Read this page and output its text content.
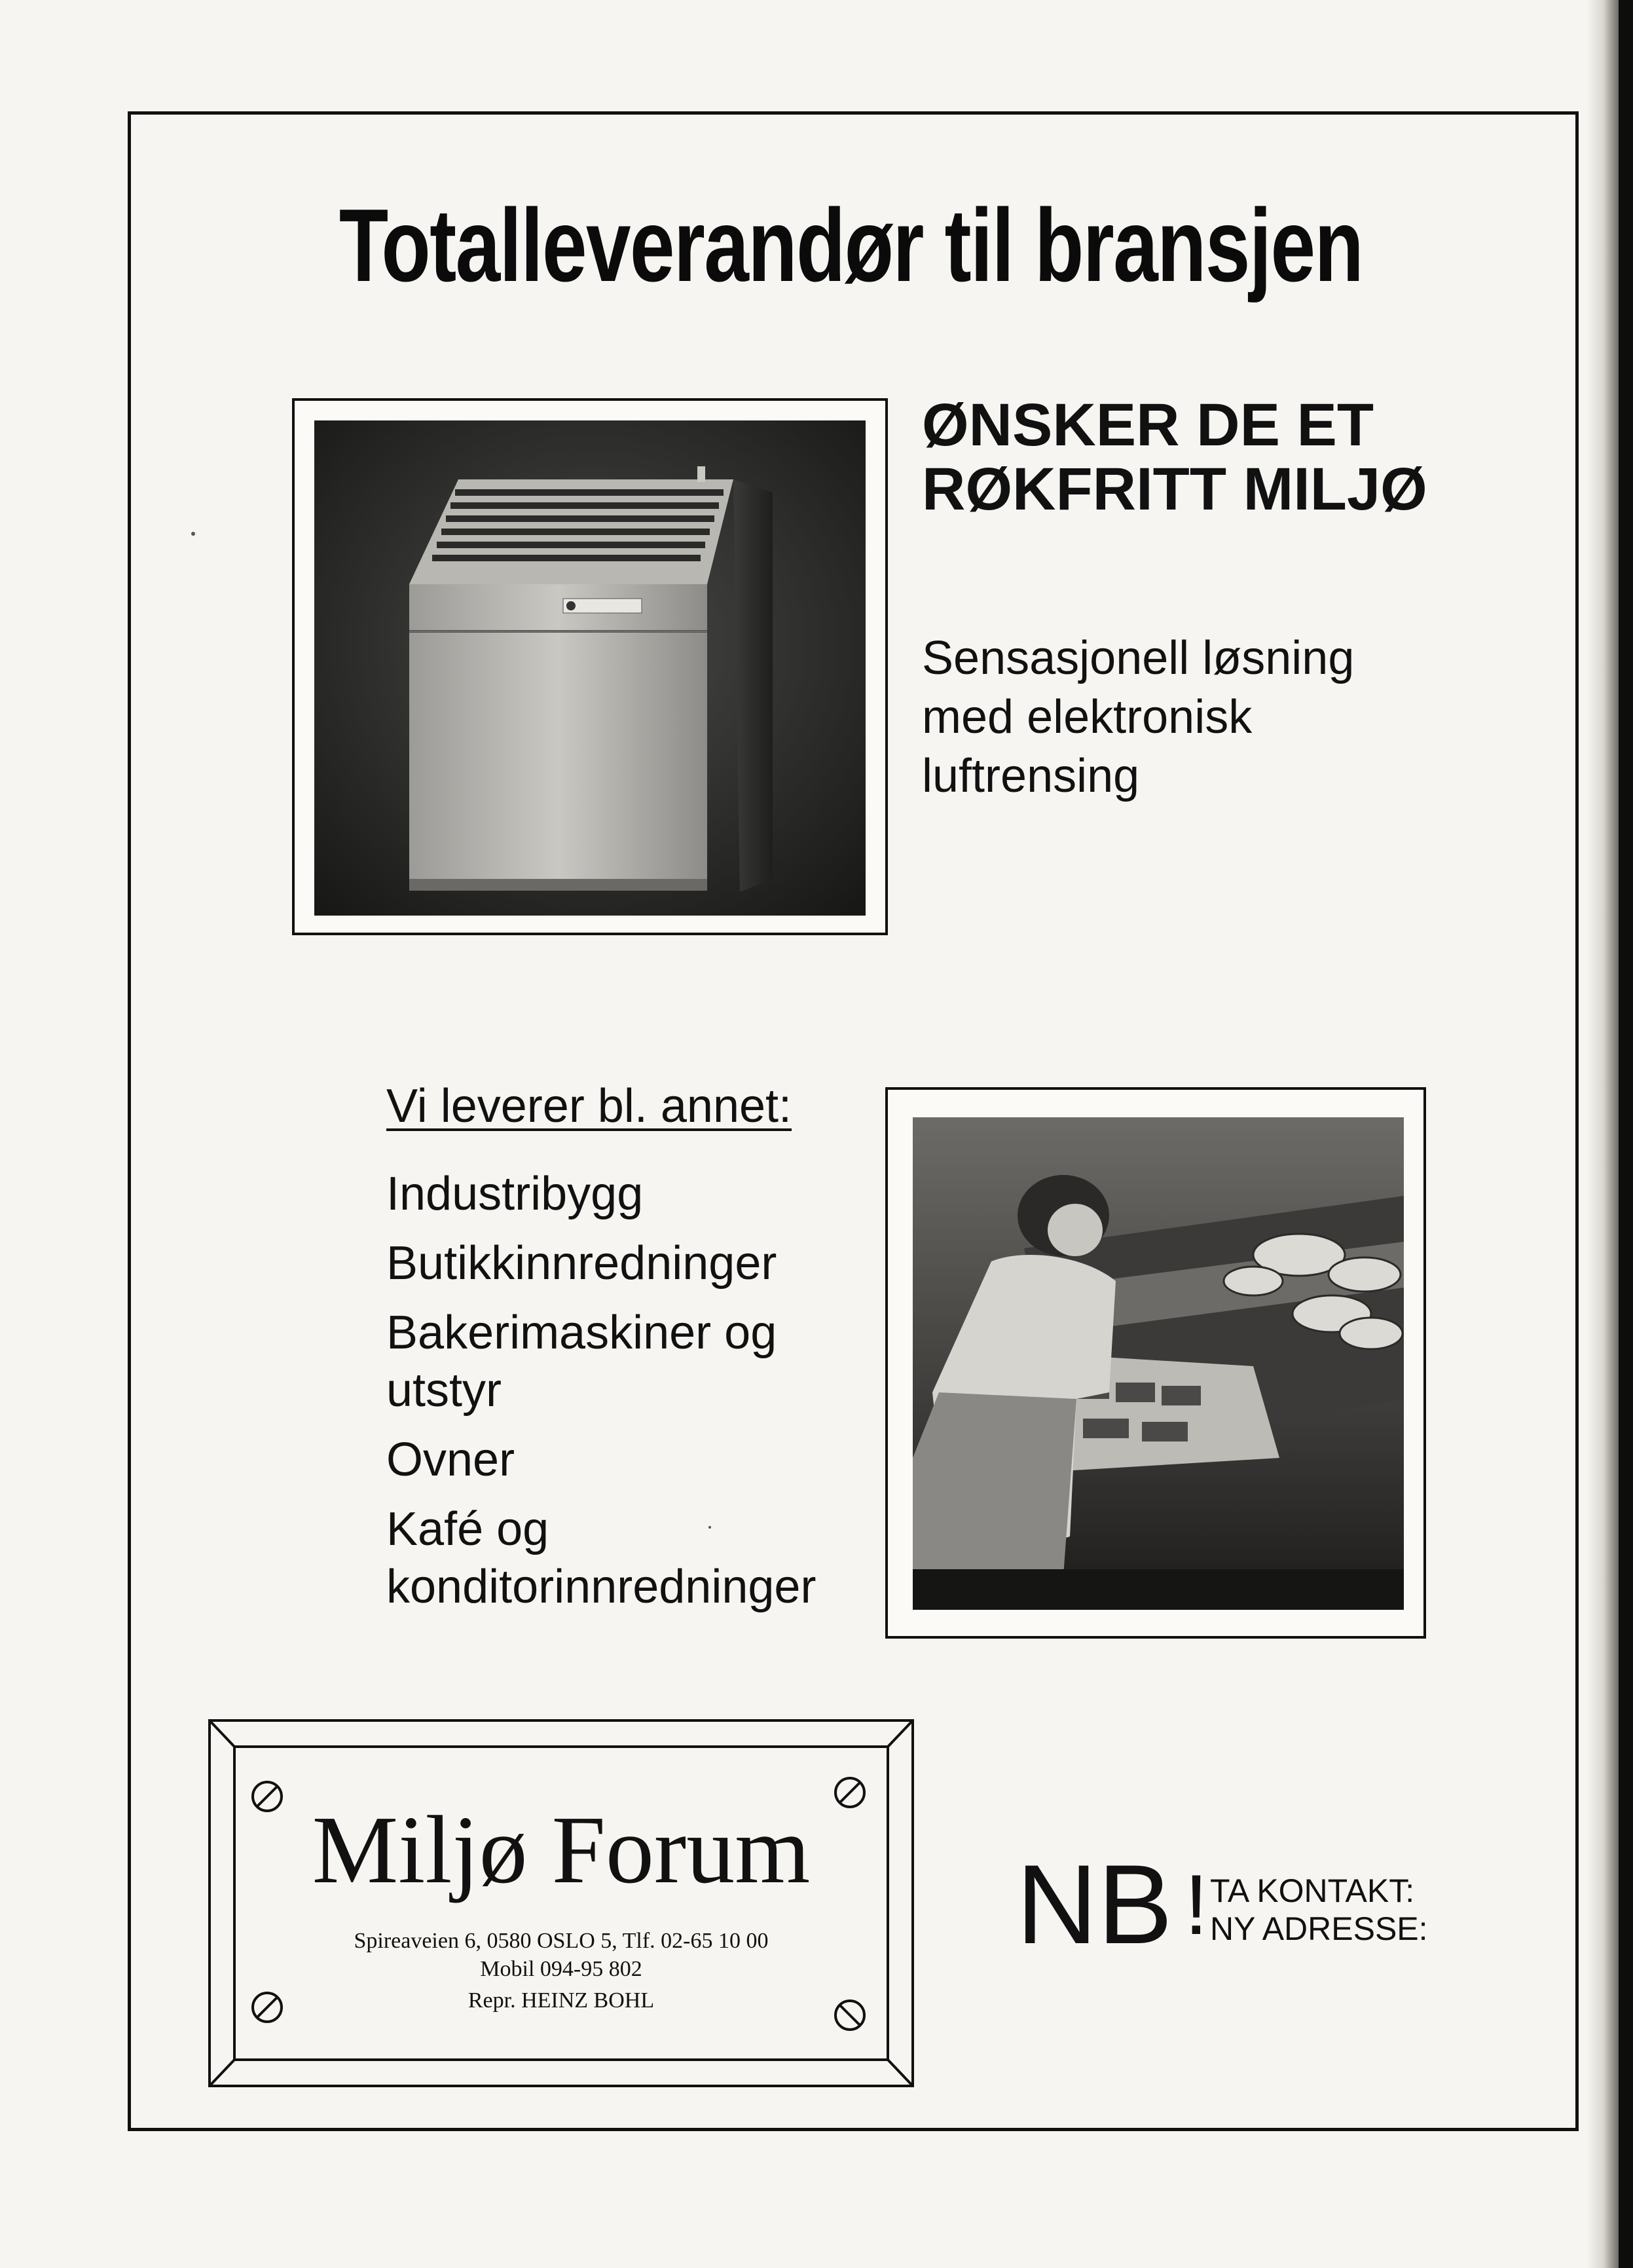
Totalleverandør til bransjen
ØNSKER DE ET
RØKFRITT MILJØ
Sensasjonell løsning
med elektronisk
luftrensing
Vi leverer bl. annet:
Industribygg
Butikkinnredninger
Bakerimaskiner og
utstyr
Ovner
Kafé og
konditorinnredninger
Miljø Forum
Spireaveien 6, 0580 OSLO 5, Tlf. 02-65 10 00
Mobil 094-95 802
Repr. HEINZ BOHL
NB ! TA KONTAKT:
NY ADRESSE:
